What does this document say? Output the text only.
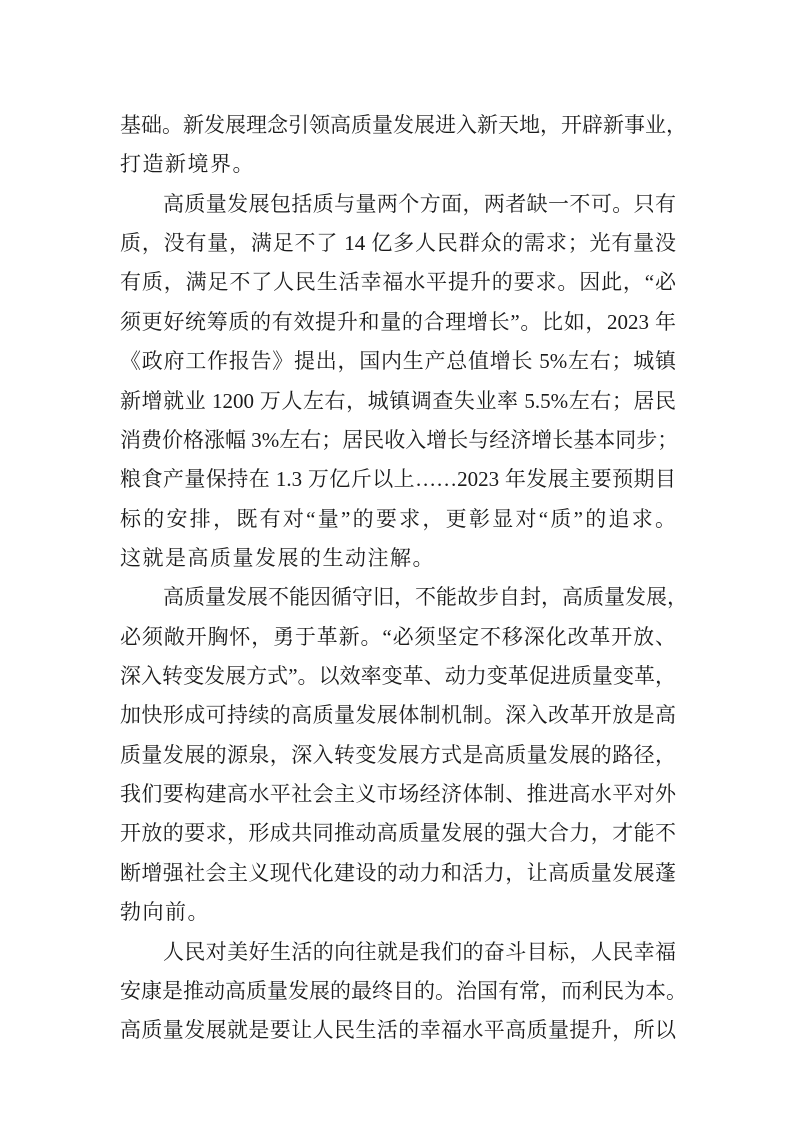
基础。新发展理念引领高质量发展进入新天地，开辟新事业，
打造新境界。
高质量发展包括质与量两个方面，两者缺一不可。只有
质，没有量，满足不了 14 亿多人民群众的需求；光有量没
有质，满足不了人民生活幸福水平提升的要求。因此，“必
须更好统筹质的有效提升和量的合理增长”。比如，2023 年
《政府工作报告》提出，国内生产总值增长 5%左右；城镇
新增就业 1200 万人左右，城镇调查失业率 5.5%左右；居民
消费价格涨幅 3%左右；居民收入增长与经济增长基本同步；
粮食产量保持在 1.3 万亿斤以上……2023 年发展主要预期目
标的安排，既有对“量”的要求，更彰显对“质”的追求。
这就是高质量发展的生动注解。
高质量发展不能因循守旧，不能故步自封，高质量发展，
必须敞开胸怀，勇于革新。“必须坚定不移深化改革开放、
深入转变发展方式”。以效率变革、动力变革促进质量变革，
加快形成可持续的高质量发展体制机制。深入改革开放是高
质量发展的源泉，深入转变发展方式是高质量发展的路径，
我们要构建高水平社会主义市场经济体制、推进高水平对外
开放的要求，形成共同推动高质量发展的强大合力，才能不
断增强社会主义现代化建设的动力和活力，让高质量发展蓬
勃向前。
人民对美好生活的向往就是我们的奋斗目标，人民幸福
安康是推动高质量发展的最终目的。治国有常，而利民为本。
高质量发展就是要让人民生活的幸福水平高质量提升，所以
